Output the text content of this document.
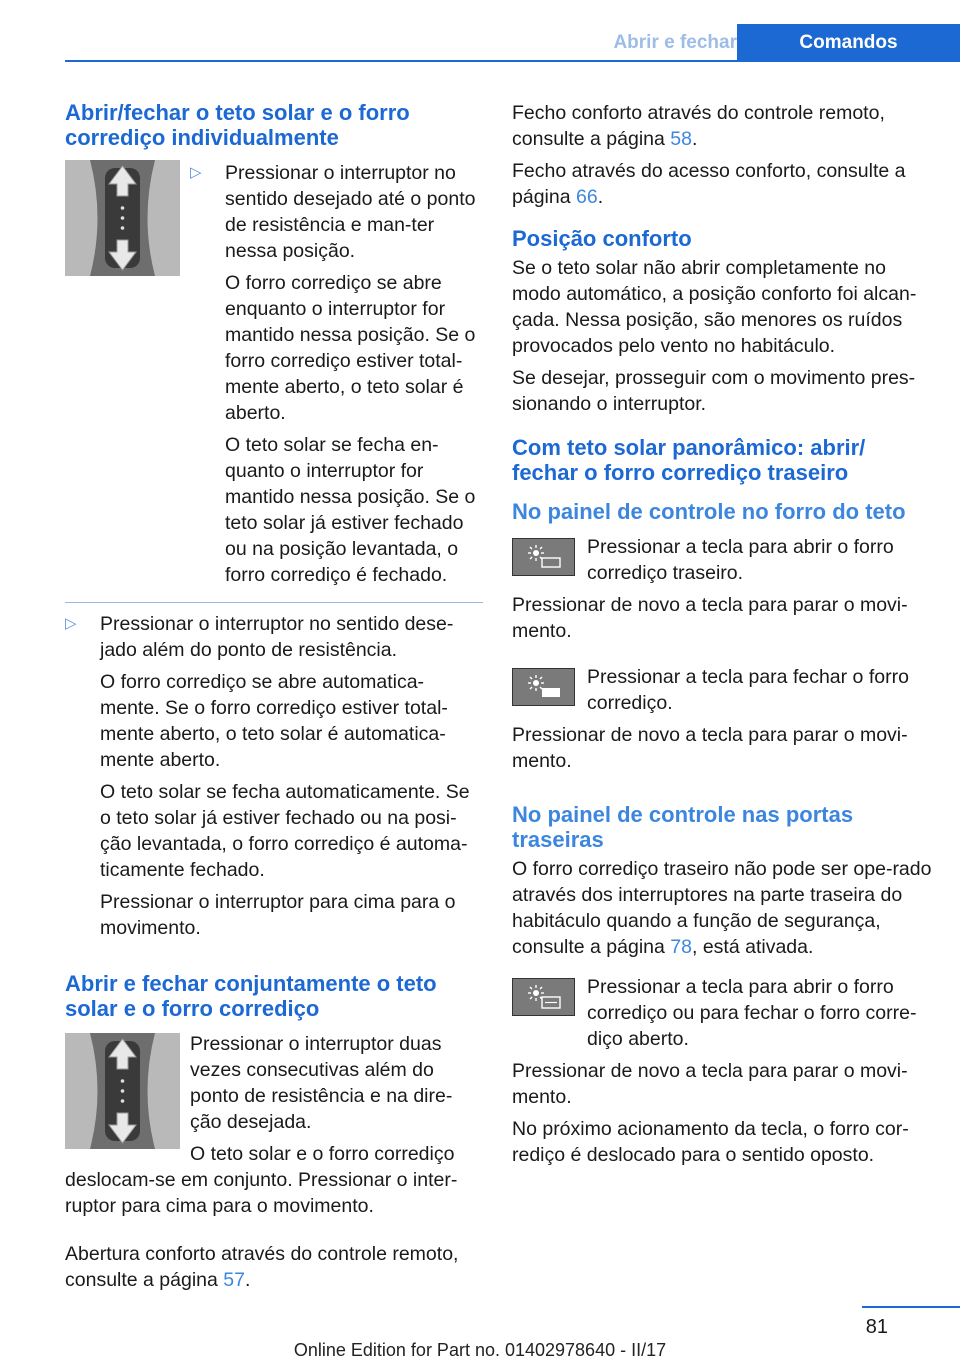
Abrir e fechar	Comandos
Abrir/fechar o teto solar e o forro corrediço individualmente
▷	Pressionar o interruptor no sentido desejado até o ponto de resistência e man-ter nessa posição.

O forro corrediço se abre enquanto o interruptor for mantido nessa posição. Se o forro corrediço estiver total-mente aberto, o teto solar é aberto.

O teto solar se fecha en-quanto o interruptor for mantido nessa posição. Se o teto solar já estiver fechado ou na posição levantada, o forro corrediço é fechado.

▷	Pressionar o interruptor no sentido dese-jado além do ponto de resistência.

O forro corrediço se abre automatica-mente. Se o forro corrediço estiver total-mente aberto, o teto solar é automatica-mente aberto.

O teto solar se fecha automaticamente. Se o teto solar já estiver fechado ou na posi-ção levantada, o forro corrediço é automa-ticamente fechado.

Pressionar o interruptor para cima para o movimento.

Abrir e fechar conjuntamente o teto solar e o forro corrediço

Pressionar o interruptor duas vezes consecutivas além do ponto de resistência e na dire-ção desejada.

O teto solar e o forro corrediço deslocam-se em conjunto. Pressionar o inter-ruptor para cima para o movimento.

Abertura conforto através do controle remoto, consulte a página 57.

Fecho conforto através do controle remoto, consulte a página 58.

Fecho através do acesso conforto, consulte a página 66.

Posição conforto

Se o teto solar não abrir completamente no modo automático, a posição conforto foi alcan-çada. Nessa posição, são menores os ruídos provocados pelo vento no habitáculo.

Se desejar, prosseguir com o movimento pres-sionando o interruptor.

Com teto solar panorâmico: abrir/ fechar o forro corrediço traseiro
No painel de controle no forro do teto

Pressionar a tecla para abrir o forro corrediço traseiro.

Pressionar de novo a tecla para parar o movi-mento.

Pressionar a tecla para fechar o forro corrediço.

Pressionar de novo a tecla para parar o movi-mento.

No painel de controle nas portas traseiras

O forro corrediço traseiro não pode ser ope-rado através dos interruptores na parte traseira do habitáculo quando a função de segurança, consulte a página 78, está ativada.

Pressionar a tecla para abrir o forro corrediço ou para fechar o forro corre-diço aberto.

Pressionar de novo a tecla para parar o movi-mento.

No próximo acionamento da tecla, o forro cor-rediço é deslocado para o sentido oposto.

81
Online Edition for Part no. 01402978640 - II/17
